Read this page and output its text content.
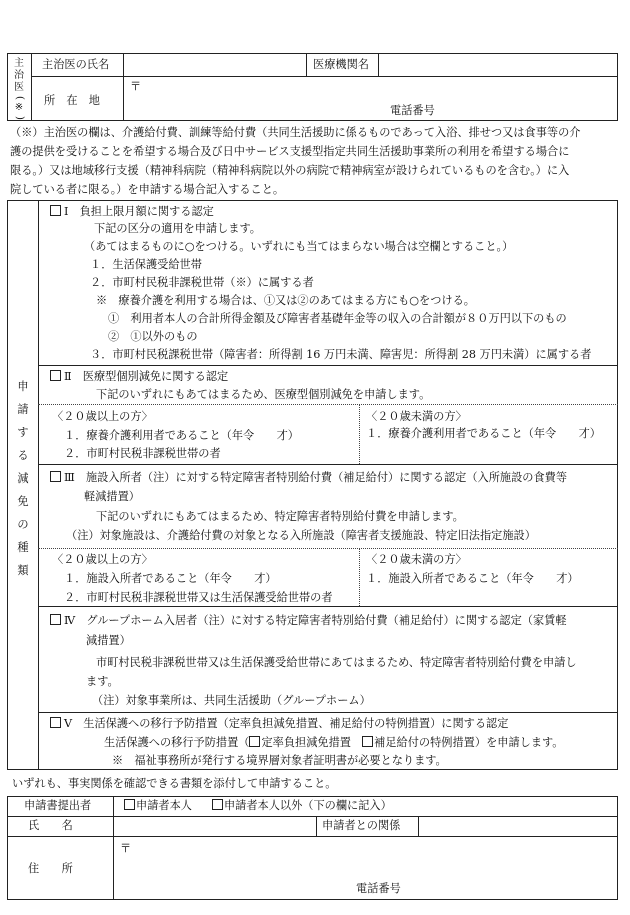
主
治
医
(
※
)
主治医の氏名	医療機関名
所　在　地
〒
電話番号
（※）主治医の欄は、介護給付費、訓練等給付費（共同生活援助に係るものであって入浴、排せつ又は食事等の介
護の提供を受けることを希望する場合及び日中サービス支援型指定共同生活援助事業所の利用を希望する場合に
限る。）又は地域移行支援（精神科病院（精神科病院以外の病院で精神病室が設けられているものを含む。）に入
院している者に限る。）を申請する場合記入すること。
申
請
す
る
減
免
の
種
類
Ⅰ　負担上限月額に関する認定
下記の区分の適用を申請します。
（あてはまるものに○をつける。いずれにも当てはまらない場合は空欄とすること。）
１．生活保護受給世帯
２．市町村民税非課税世帯（※）に属する者
※　療養介護を利用する場合は、①又は②のあてはまる方にも○をつける。
①　利用者本人の合計所得金額及び障害者基礎年金等の収入の合計額が８０万円以下のもの
②　①以外のもの
３．市町村民税課税世帯（障害者：所得割 16 万円未満、障害児：所得割 28 万円未満）に属する者
Ⅱ　医療型個別減免に関する認定
下記のいずれにもあてはまるため、医療型個別減免を申請します。
〈２０歳以上の方〉
１．療養介護利用者であること（年令　　才）
２．市町村民税非課税世帯の者
〈２０歳未満の方〉
１．療養介護利用者であること（年令　　才）
Ⅲ　施設入所者（注）に対する特定障害者特別給付費（補足給付）に関する認定（入所施設の食費等
軽減措置）
下記のいずれにもあてはまるため、特定障害者特別給付費を申請します。
（注）対象施設は、介護給付費の対象となる入所施設（障害者支援施設、特定旧法指定施設）
〈２０歳以上の方〉
１．施設入所者であること（年令　　才）
２．市町村民税非課税世帯又は生活保護受給世帯の者
〈２０歳未満の方〉
１．施設入所者であること（年令　　才）
Ⅳ　グループホーム入居者（注）に対する特定障害者特別給付費（補足給付）に関する認定（家賃軽
減措置）
市町村民税非課税世帯又は生活保護受給世帯にあてはまるため、特定障害者特別給付費を申請し
ます。
（注）対象事業所は、共同生活援助（グループホーム）
Ⅴ　生活保護への移行予防措置（定率負担減免措置、補足給付の特例措置）に関する認定
生活保護への移行予防措置（ 定率負担減免措置　 補足給付の特例措置）を申請します。
※　福祉事務所が発行する境界層対象者証明書が必要となります。
いずれも、事実関係を確認できる書類を添付して申請すること。
申請書提出者	申請者本人	申請者本人以外（下の欄に記入）
氏　　名	申請者との関係
住　　所
〒
電話番号
